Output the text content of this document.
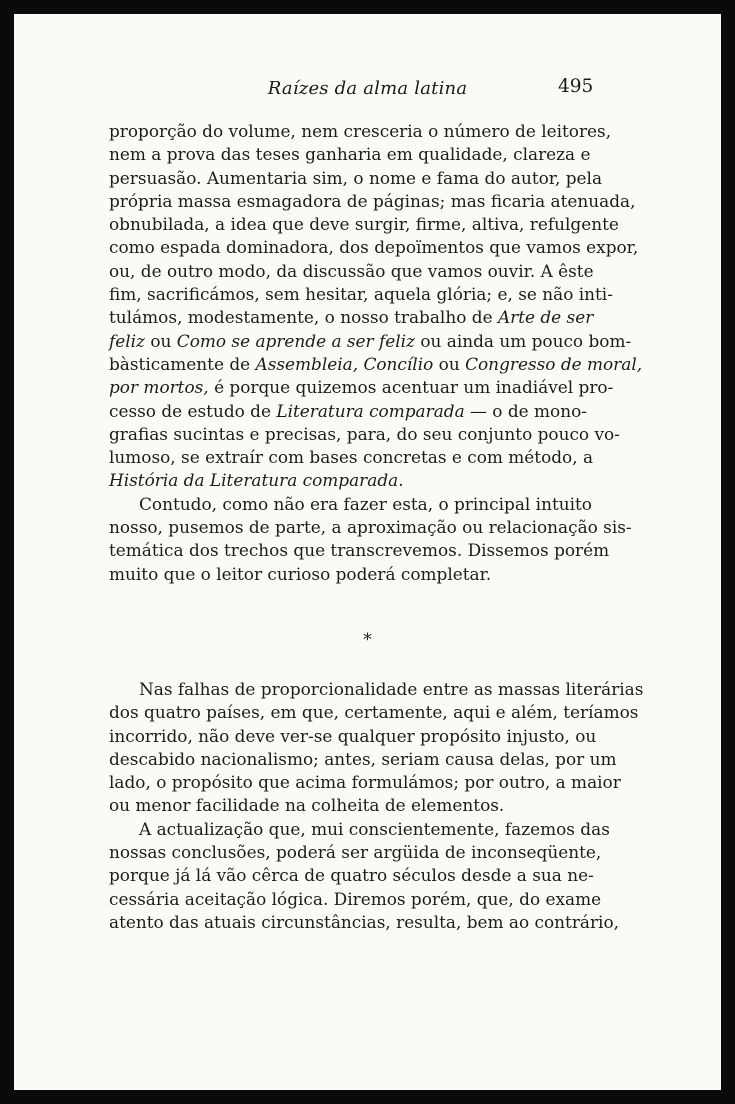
Raízes da alma latina	495

proporção do volume, nem cresceria o número de leitores,
nem a prova das teses ganharia em qualidade, clareza e
persuasão. Aumentaria sim, o nome e fama do autor, pela
própria massa esmagadora de páginas; mas ficaria atenuada,
obnubilada, a idea que deve surgir, firme, altiva, refulgente
como espada dominadora, dos depoïmentos que vamos expor,
ou, de outro modo, da discussão que vamos ouvir. A êste
fim, sacrificámos, sem hesitar, aquela glória; e, se não inti-
tulámos, modestamente, o nosso trabalho de Arte de ser
feliz ou Como se aprende a ser feliz ou ainda um pouco bom-
bàsticamente de Assembleia, Concílio ou Congresso de moral,
por mortos, é porque quizemos acentuar um inadiável pro-
cesso de estudo de Literatura comparada — o de mono-
grafias sucintas e precisas, para, do seu conjunto pouco vo-
lumoso, se extraír com bases concretas e com método, a
História da Literatura comparada.

Contudo, como não era fazer esta, o principal intuito
nosso, pusemos de parte, a aproximação ou relacionação sis-
temática dos trechos que transcrevemos. Dissemos porém
muito que o leitor curioso poderá completar.

*

Nas falhas de proporcionalidade entre as massas literárias
dos quatro países, em que, certamente, aqui e além, teríamos
incorrido, não deve ver-se qualquer propósito injusto, ou
descabido nacionalismo; antes, seriam causa delas, por um
lado, o propósito que acima formulámos; por outro, a maior
ou menor facilidade na colheita de elementos.

A actualização que, mui conscientemente, fazemos das
nossas conclusões, poderá ser argüida de inconseqüente,
porque já lá vão cêrca de quatro séculos desde a sua ne-
cessária aceitação lógica. Diremos porém, que, do exame
atento das atuais circunstâncias, resulta, bem ao contrário,
